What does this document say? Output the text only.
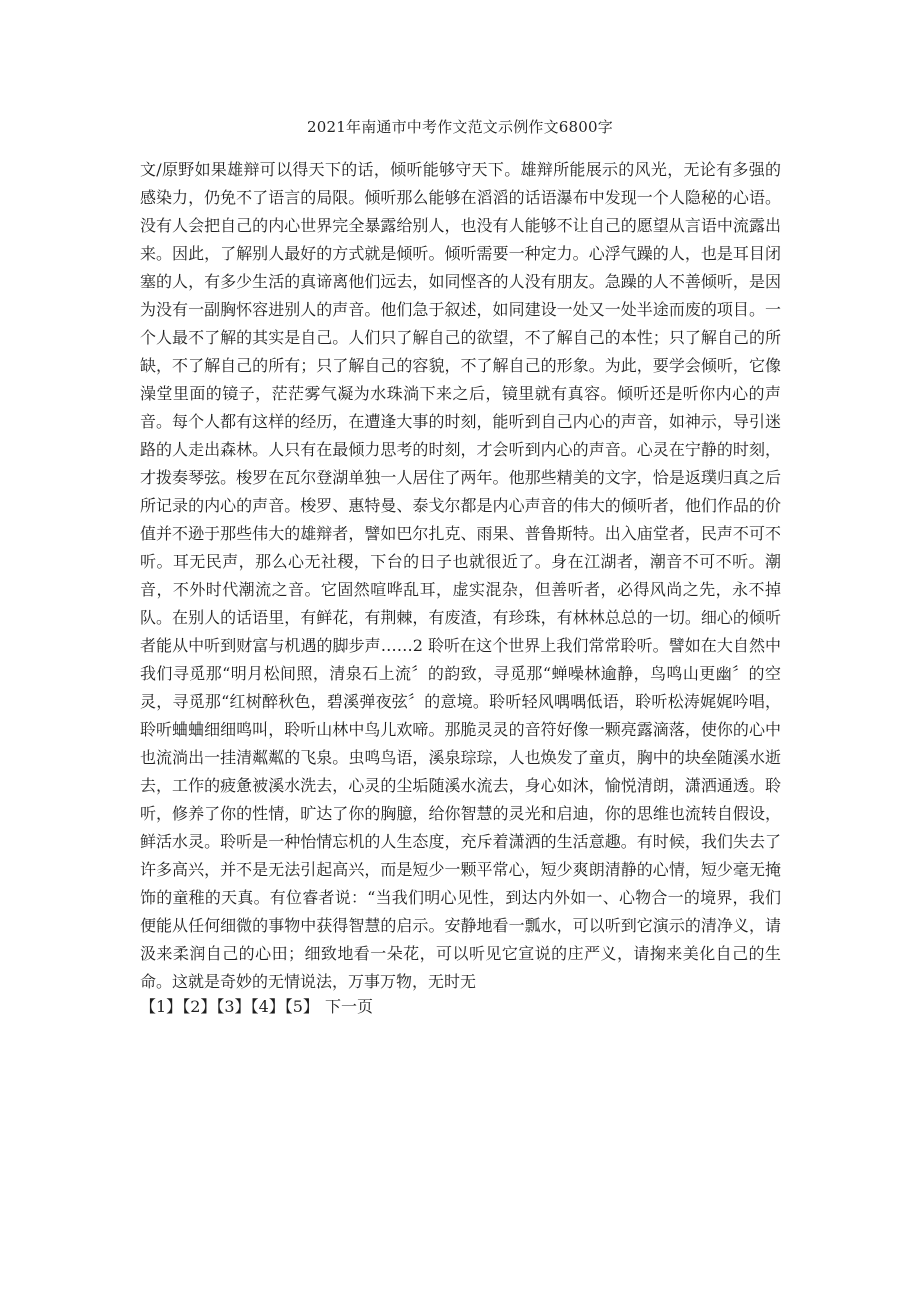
2021年南通市中考作文范文示例作文6800字

文/原野如果雄辩可以得天下的话，倾听能够守天下。雄辩所能展示的风光，无论有多强的感染力，仍免不了语言的局限。倾听那么能够在滔滔的话语瀑布中发现一个人隐秘的心语。没有人会把自己的内心世界完全暴露给别人，也没有人能够不让自己的愿望从言语中流露出来。因此，了解别人最好的方式就是倾听。倾听需要一种定力。心浮气躁的人，也是耳目闭塞的人，有多少生活的真谛离他们远去，如同悭吝的人没有朋友。急躁的人不善倾听，是因为没有一副胸怀容进别人的声音。他们急于叙述，如同建设一处又一处半途而废的项目。一个人最不了解的其实是自己。人们只了解自己的欲望，不了解自己的本性；只了解自己的所缺，不了解自己的所有；只了解自己的容貌，不了解自己的形象。为此，要学会倾听，它像澡堂里面的镜子，茫茫雾气凝为水珠淌下来之后，镜里就有真容。倾听还是听你内心的声音。每个人都有这样的经历，在遭逢大事的时刻，能听到自己内心的声音，如神示，导引迷路的人走出森林。人只有在最倾力思考的时刻，才会听到内心的声音。心灵在宁静的时刻，才拨奏琴弦。梭罗在瓦尔登湖单独一人居住了两年。他那些精美的文字，恰是返璞归真之后所记录的内心的声音。梭罗、惠特曼、泰戈尔都是内心声音的伟大的倾听者，他们作品的价值并不逊于那些伟大的雄辩者，譬如巴尔扎克、雨果、普鲁斯特。出入庙堂者，民声不可不听。耳无民声，那么心无社稷，下台的日子也就很近了。身在江湖者，潮音不可不听。潮音，不外时代潮流之音。它固然喧哗乱耳，虚实混杂，但善听者，必得风尚之先，永不掉队。在别人的话语里，有鲜花，有荆棘，有废渣，有珍珠，有林林总总的一切。细心的倾听者能从中听到财富与机遇的脚步声……2 聆听在这个世界上我们常常聆听。譬如在大自然中我们寻觅那“明月松间照，清泉石上流〞的韵致，寻觅那“蝉噪林逾静，鸟鸣山更幽〞的空灵，寻觅那“红树醉秋色，碧溪弹夜弦〞的意境。聆听轻风喁喁低语，聆听松涛娓娓吟唱，聆听蛐蛐细细鸣叫，聆听山林中鸟儿欢啼。那脆灵灵的音符好像一颗亮露滴落，使你的心中也流淌出一挂清粼粼的飞泉。虫鸣鸟语，溪泉琮琮，人也焕发了童贞，胸中的块垒随溪水逝去，工作的疲惫被溪水洗去，心灵的尘垢随溪水流去，身心如沐，愉悦清朗，潇洒通透。聆听，修养了你的性情，旷达了你的胸臆，给你智慧的灵光和启迪，你的思维也流转自假设，鲜活水灵。聆听是一种怡情忘机的人生态度，充斥着潇洒的生活意趣。有时候，我们失去了许多高兴，并不是无法引起高兴，而是短少一颗平常心，短少爽朗清静的心情，短少毫无掩饰的童稚的天真。有位睿者说：“当我们明心见性，到达内外如一、心物合一的境界，我们便能从任何细微的事物中获得智慧的启示。安静地看一瓢水，可以听到它演示的清净义，请汲来柔润自己的心田；细致地看一朵花，可以听见它宣说的庄严义，请掬来美化自己的生命。这就是奇妙的无情说法，万事万物，无时无

【1】【2】【3】【4】【5】 下一页
